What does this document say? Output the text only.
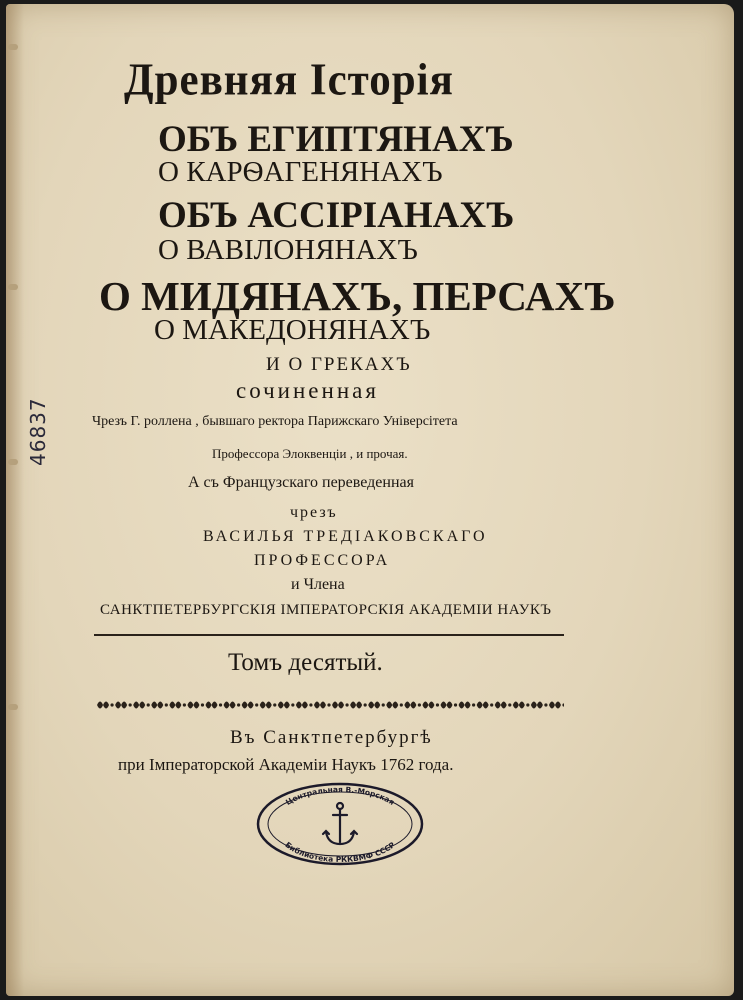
Древняя Історія
ОБЪ ЕГИПТЯНАХЪ
О КАРѲАГЕНЯНАХЪ
ОБЪ АССІРІАНАХЪ
О ВАВІЛОНЯНАХЪ
О МИДЯНАХЪ, ПЕРСАХЪ
О МАКЕДОНЯНАХЪ
И О ГРЕКАХЪ
сочиненная
Чрезъ Г. роллена , бывшаго ректора Парижскаго Універсітета
Профессора Элоквенціи , и прочая.
А съ Французскаго переведенная
чрезъ
ВАСИЛЬЯ ТРЕДІАКОВСКАГО
ПРОФЕССОРА
и Члена
САНКТПЕТЕРБУРГСКІЯ ІМПЕРАТОРСКІЯ АКАДЕМІИ НАУКЪ
Томъ десятый.
Въ Санктпетербургѣ
при Імператорской Академіи Наукъ 1762 года.
46837
Центральная В.-Морская
Библиотека РККВМФ СССР
